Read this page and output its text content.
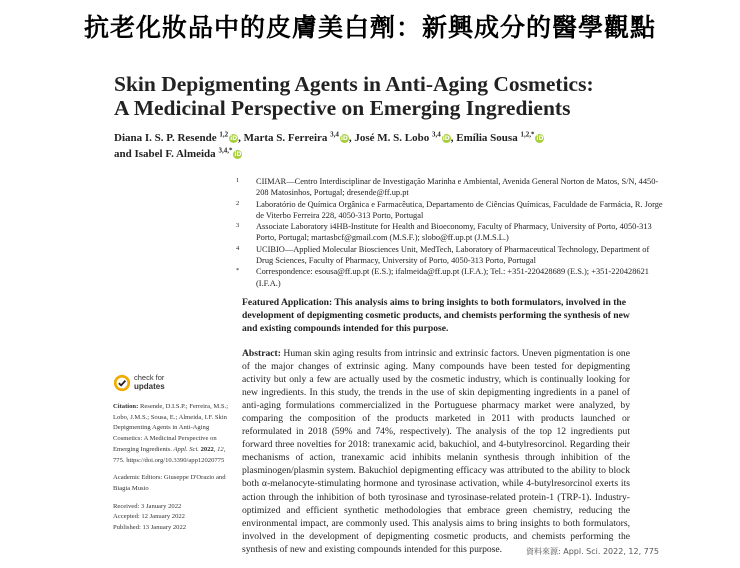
抗老化妝品中的皮膚美白劑：新興成分的醫學觀點
Skin Depigmenting Agents in Anti-Aging Cosmetics:
A Medicinal Perspective on Emerging Ingredients
Diana I. S. P. Resende $^{1,2}$iD, Marta S. Ferreira $^{3,4}$iD, José M. S. Lobo $^{3,4}$iD, Emília Sousa $^{1,2,*}$iD
and Isabel F. Almeida $^{3,4,*}$iD
1 CIIMAR—Centro Interdisciplinar de Investigação Marinha e Ambiental, Avenida General Norton de Matos, S/N, 4450-208 Matosinhos, Portugal; dresende@ff.up.pt
2 Laboratório de Química Orgânica e Farmacêutica, Departamento de Ciências Químicas, Faculdade de Farmácia, R. Jorge de Viterbo Ferreira 228, 4050-313 Porto, Portugal
3 Associate Laboratory i4HB-Institute for Health and Bioeconomy, Faculty of Pharmacy, University of Porto, 4050-313 Porto, Portugal; martasbcf@gmail.com (M.S.F.); slobo@ff.up.pt (J.M.S.L.)
4 UCIBIO—Applied Molecular Biosciences Unit, MedTech, Laboratory of Pharmaceutical Technology, Department of Drug Sciences, Faculty of Pharmacy, University of Porto, 4050-313 Porto, Portugal
* Correspondence: esousa@ff.up.pt (E.S.); ifalmeida@ff.up.pt (I.F.A.); Tel.: +351-220428689 (E.S.); +351-220428621 (I.F.A.)
Featured Application: This analysis aims to bring insights to both formulators, involved in the development of depigmenting cosmetic products, and chemists performing the synthesis of new and existing compounds intended for this purpose.
Abstract: Human skin aging results from intrinsic and extrinsic factors. Uneven pigmentation is one of the major changes of extrinsic aging. Many compounds have been tested for depigmenting activity but only a few are actually used by the cosmetic industry, which is continually looking for new ingredients. In this study, the trends in the use of skin depigmenting ingredients in a panel of anti-aging formulations commercialized in the Portuguese pharmacy market were analyzed, by comparing the composition of the products marketed in 2011 with products launched or reformulated in 2018 (59% and 74%, respectively). The analysis of the top 12 ingredients put forward three novelties for 2018: tranexamic acid, bakuchiol, and 4-butylresorcinol. Regarding their mechanisms of action, tranexamic acid inhibits melanin synthesis through inhibition of the plasminogen/plasmin system. Bakuchiol depigmenting efficacy was attributed to the ability to block both α-melanocyte-stimulating hormone and tyrosinase activation, while 4-butylresorcinol exerts its action through the inhibition of both tyrosinase and tyrosinase-related protein-1 (TRP-1). Industry-optimized and efficient synthetic methodologies that embrace green chemistry, reducing the environmental impact, are commonly used. This analysis aims to bring insights to both formulators, involved in the development of depigmenting cosmetic products, and chemists performing the synthesis of new and existing compounds intended for this purpose.
check for
updates
Citation: Resende, D.I.S.P.; Ferreira, M.S.; Lobo, J.M.S.; Sousa, E.; Almeida, I.F. Skin Depigmenting Agents in Anti-Aging Cosmetics: A Medicinal Perspective on Emerging Ingredients. Appl. Sci. 2022, 12, 775. https://doi.org/10.3390/app12020775
Academic Editors: Giuseppe D'Orazio and Biagia Musio
Received: 3 January 2022
Accepted: 12 January 2022
Published: 13 January 2022
資料來源: Appl. Sci. 2022, 12, 775
